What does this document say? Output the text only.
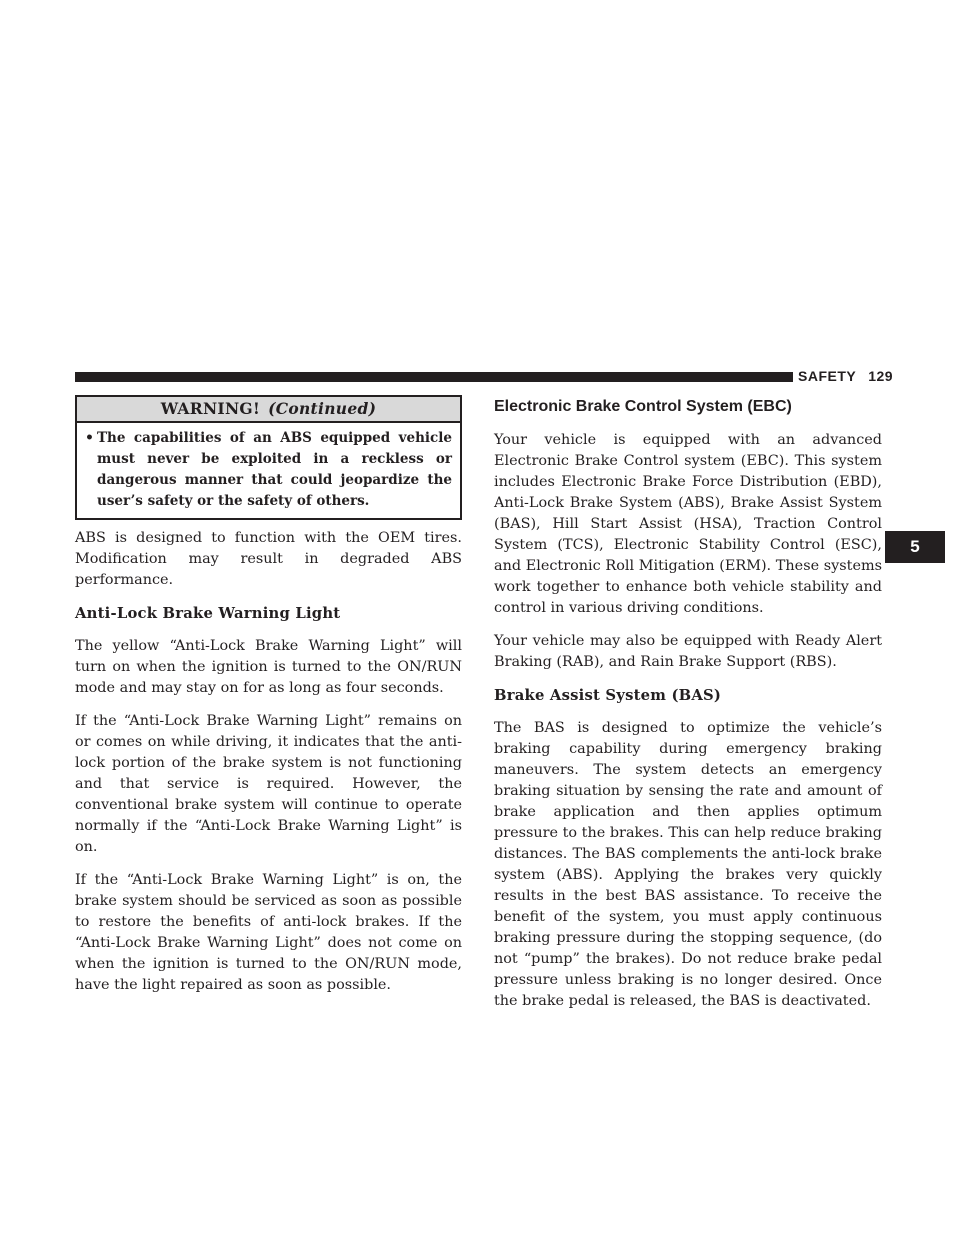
SAFETY 129
5
WARNING! (Continued)
• The capabilities of an ABS equipped vehicle must never be exploited in a reckless or dangerous manner that could jeopardize the user’s safety or the safety of others.

ABS is designed to function with the OEM tires. Modification may result in degraded ABS performance.

Anti-Lock Brake Warning Light

The yellow “Anti-Lock Brake Warning Light” will turn on when the ignition is turned to the ON/RUN mode and may stay on for as long as four seconds.

If the “Anti-Lock Brake Warning Light” remains on or comes on while driving, it indicates that the anti-lock portion of the brake system is not functioning and that service is required. However, the conventional brake system will continue to operate normally if the “Anti-Lock Brake Warning Light” is on.

If the “Anti-Lock Brake Warning Light” is on, the brake system should be serviced as soon as possible to restore the benefits of anti-lock brakes. If the “Anti-Lock Brake Warning Light” does not come on when the ignition is turned to the ON/RUN mode, have the light repaired as soon as possible.

Electronic Brake Control System (EBC)

Your vehicle is equipped with an advanced Electronic Brake Control system (EBC). This system includes Electronic Brake Force Distribution (EBD), Anti-Lock Brake System (ABS), Brake Assist System (BAS), Hill Start Assist (HSA), Traction Control System (TCS), Electronic Stability Control (ESC), and Electronic Roll Mitigation (ERM). These systems work together to enhance both vehicle stability and control in various driving conditions.

Your vehicle may also be equipped with Ready Alert Braking (RAB), and Rain Brake Support (RBS).

Brake Assist System (BAS)

The BAS is designed to optimize the vehicle’s braking capability during emergency braking maneuvers. The system detects an emergency braking situation by sensing the rate and amount of brake application and then applies optimum pressure to the brakes. This can help reduce braking distances. The BAS complements the anti-lock brake system (ABS). Applying the brakes very quickly results in the best BAS assistance. To receive the benefit of the system, you must apply continuous braking pressure during the stopping sequence, (do not “pump” the brakes). Do not reduce brake pedal pressure unless braking is no longer desired. Once the brake pedal is released, the BAS is deactivated.
